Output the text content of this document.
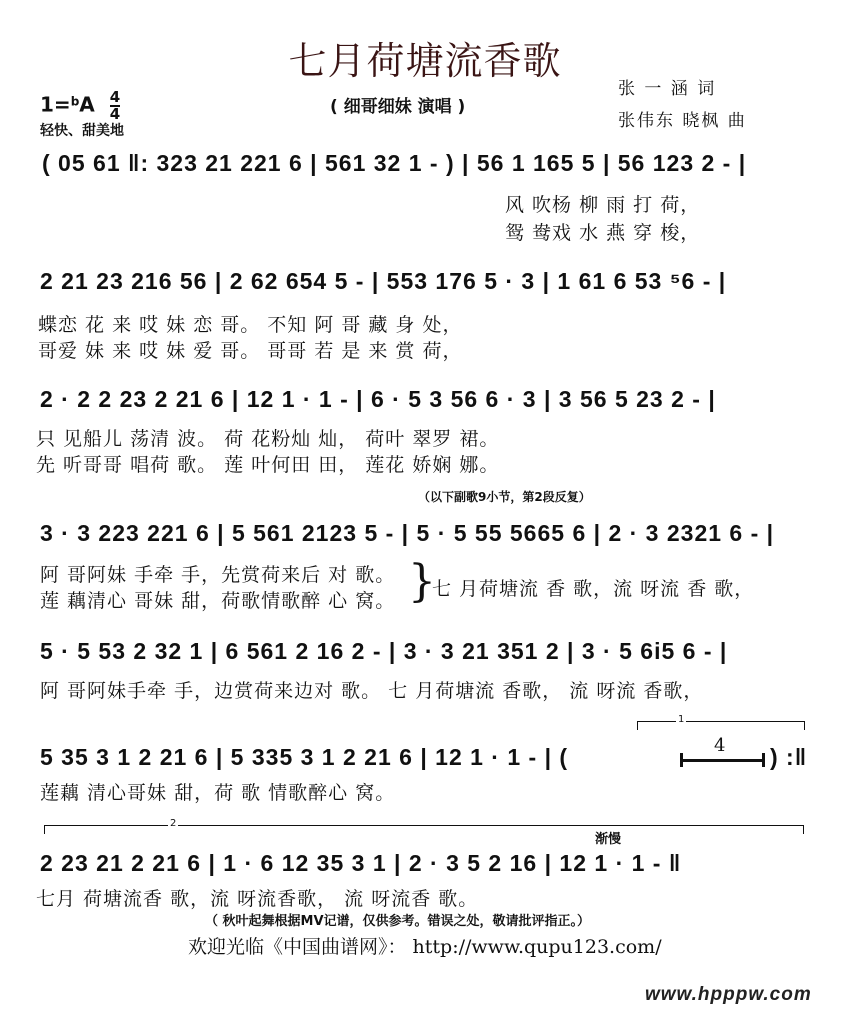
七月荷塘流香歌
( 细哥细妹 演唱 )
$1=^bA \frac{4}{4}$
轻快、甜美地
张 一 涵 词
张伟东 晓枫 曲
( 05 61 ‖: 323 21 221 6 | 561 32 1 - ) | 56 1 165 5 | 56 123 2 - |
风 吹杨 柳 雨 打 荷，
鸳 鸯戏 水 燕 穿 梭，
2 21 23 216 56 | 2 62 654 5 - | 553 176 5 · 3 | 1 61 6 53 ⁵6 - |
蝶恋 花 来 哎 妹 恋 哥。 不知 阿 哥 藏 身 处，
哥爱 妹 来 哎 妹 爱 哥。 哥哥 若 是 来 赏 荷，
2 · 2 2 23 2 21 6 | 12 1 · 1 - | 6 · 5 3 56 6 · 3 | 3 56 5 23 2 - |
只 见船儿 荡清 波。 荷 花粉灿 灿， 荷叶 翠罗 裙。
先 听哥哥 唱荷 歌。 莲 叶何田 田， 莲花 娇娴 娜。
（以下副歌9小节，第2段反复）
3 · 3 223 221 6 | 5 561 2123 5 - | 5 · 5 55 5665 6 | 2 · 3 2321 6 - |
阿 哥阿妹 手牵 手，先赏荷来后 对 歌。
莲 藕清心 哥妹 甜，荷歌情歌醉 心 窝。 }
七 月荷塘流 香 歌，流 呀流 香 歌，
5 · 5 53 2 32 1 | 6 561 2 16 2 - | 3 · 3 21 351 2 | 3 · 5 6i5 6 - |
阿 哥阿妹手牵 手，边赏荷来边对 歌。 七 月荷塘流 香歌， 流 呀流 香歌，
1
5 35 3 1 2 21 6 | 5 335 3 1 2 21 6 | 12 1 · 1 - | (	4 ) :‖
莲藕 清心哥妹 甜，荷 歌 情歌醉心 窝。
2
渐慢
2 23 21 2 21 6 | 1 · 6 12 35 3 1 | 2 · 3 5 2 16 | 12 1 · 1 - ‖
七月 荷塘流香 歌，流 呀流香歌， 流 呀流香 歌。
（ 秋叶起舞根据MV记谱，仅供参考。错误之处，敬请批评指正。）
欢迎光临《中国曲谱网》： http://www.qupu123.com/
www.hpppw.com
